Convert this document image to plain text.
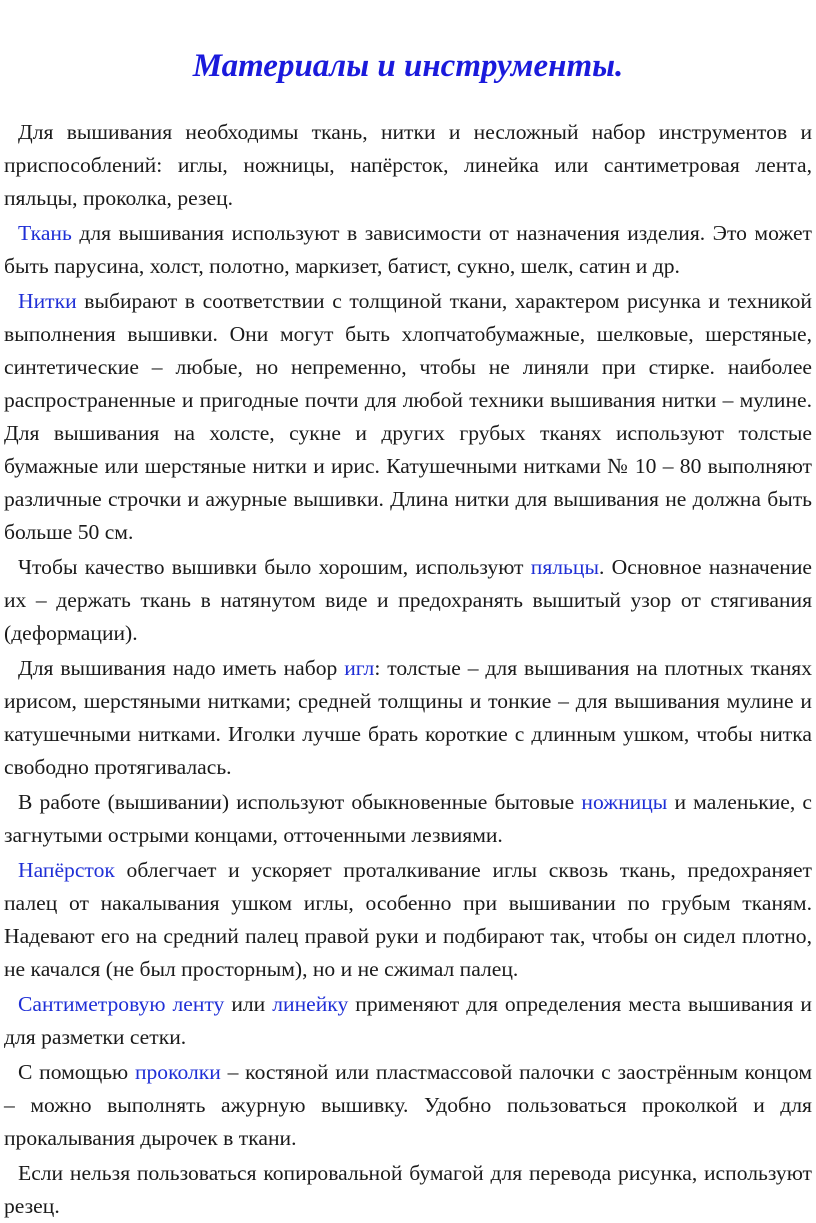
Материалы и инструменты.

Для вышивания необходимы ткань, нитки и несложный набор инструментов и приспособлений: иглы, ножницы, напёрсток, линейка или сантиметровая лента, пяльцы, проколка, резец.

Ткань для вышивания используют в зависимости от назначения изделия. Это может быть парусина, холст, полотно, маркизет, батист, сукно, шелк, сатин и др.

Нитки выбирают в соответствии с толщиной ткани, характером рисунка и техникой выполнения вышивки. Они могут быть хлопчатобумажные, шелковые, шерстяные, синтетические – любые, но непременно, чтобы не линяли при стирке. наиболее распространенные и пригодные почти для любой техники вышивания нитки – мулине. Для вышивания на холсте, сукне и других грубых тканях используют толстые бумажные или шерстяные нитки и ирис. Катушечными нитками № 10 – 80 выполняют различные строчки и ажурные вышивки. Длина нитки для вышивания не должна быть больше 50 см.

Чтобы качество вышивки было хорошим, используют пяльцы. Основное назначение их – держать ткань в натянутом виде и предохранять вышитый узор от стягивания (деформации).

Для вышивания надо иметь набор игл: толстые – для вышивания на плотных тканях ирисом, шерстяными нитками; средней толщины и тонкие – для вышивания мулине и катушечными нитками. Иголки лучше брать короткие с длинным ушком, чтобы нитка свободно протягивалась.

В работе (вышивании) используют обыкновенные бытовые ножницы и маленькие, с загнутыми острыми концами, отточенными лезвиями.

Напёрсток облегчает и ускоряет проталкивание иглы сквозь ткань, предохраняет палец от накалывания ушком иглы, особенно при вышивании по грубым тканям. Надевают его на средний палец правой руки и подбирают так, чтобы он сидел плотно, не качался (не был просторным), но и не сжимал палец.

Сантиметровую ленту или линейку применяют для определения места вышивания и для разметки сетки.

С помощью проколки – костяной или пластмассовой палочки с заострённым концом – можно выполнять ажурную вышивку. Удобно пользоваться проколкой и для прокалывания дырочек в ткани.

Если нельзя пользоваться копировальной бумагой для перевода рисунка, используют резец.
